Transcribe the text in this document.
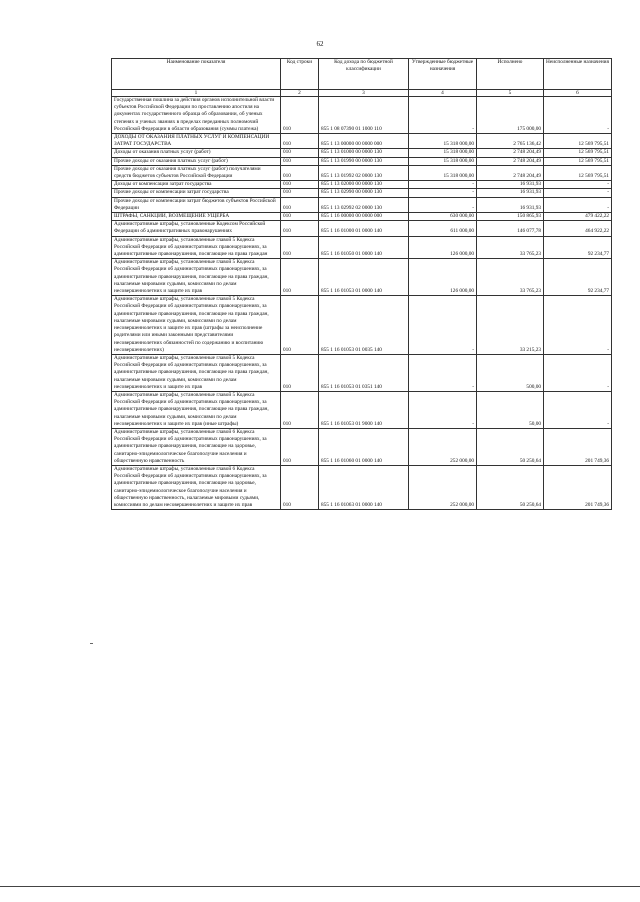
62
Наименование показателя	Код строки	Код дохода по бюджетной классификации	Утвержденные бюджетные назначения	Исполнено	Неисполненные назначения
1	2	3	4	5	6
Государственная пошлина за действия органов исполнительной власти субъектов Российской Федерации по проставлению апостиля на документах государственного образца об образовании, об ученых степенях и ученых званиях в пределах переданных полномочий Российской Федерации в области образования (суммы платежа)	010	855 1 08 07390 01 1000 110	-	175 000,00	-
ДОХОДЫ ОТ ОКАЗАНИЯ ПЛАТНЫХ УСЛУГ И КОМПЕНСАЦИИ ЗАТРАТ ГОСУДАРСТВА	010	855 1 13 00000 00 0000 000	15 318 000,00	2 765 136,42	12 569 795,51
Доходы от оказания платных услуг (работ)	010	855 1 13 01000 00 0000 130	15 318 000,00	2 748 204,49	12 569 795,51
Прочие доходы от оказания платных услуг (работ)	010	855 1 13 01990 00 0000 130	15 318 000,00	2 748 204,49	12 569 795,51
Прочие доходы от оказания платных услуг (работ) получателями средств бюджетов субъектов Российской Федерации	010	855 1 13 01992 02 0000 130	15 318 000,00	2 748 204,49	12 569 795,51
Доходы от компенсации затрат государства	010	855 1 13 02000 00 0000 130	-	16 931,93	-
Прочие доходы от компенсации затрат государства	010	855 1 13 02990 00 0000 130	-	16 931,93	-
Прочие доходы от компенсации затрат бюджетов субъектов Российской Федерации	010	855 1 13 02992 02 0000 130	-	16 931,93	-
ШТРАФЫ, САНКЦИИ, ВОЗМЕЩЕНИЕ УЩЕРБА	010	855 1 16 00000 00 0000 000	630 000,00	150 865,93	479 422,22
Административные штрафы, установленные Кодексом Российской Федерации об административных правонарушениях	010	855 1 16 01000 01 0000 140	611 000,00	146 077,78	464 922,22
Административные штрафы, установленные главой 5 Кодекса Российской Федерации об административных правонарушениях, за административные правонарушения, посягающие на права граждан	010	855 1 16 01050 01 0000 140	126 000,00	33 765,23	92 234,77
Административные штрафы, установленные главой 5 Кодекса Российской Федерации об административных правонарушениях, за административные правонарушения, посягающие на права граждан, налагаемые мировыми судьями, комиссиями по делам несовершеннолетних и защите их прав	010	855 1 16 01053 01 0000 140	126 000,00	33 765,23	92 234,77
Административные штрафы, установленные главой 5 Кодекса Российской Федерации об административных правонарушениях, за административные правонарушения, посягающие на права граждан, налагаемые мировыми судьями, комиссиями по делам несовершеннолетних и защите их прав (штрафы за неисполнение родителями или иными законными представителями несовершеннолетних обязанностей по содержанию и воспитанию несовершеннолетних)	010	855 1 16 01053 01 0035 140	-	33 215,23	-
Административные штрафы, установленные главой 5 Кодекса Российской Федерации об административных правонарушениях, за административные правонарушения, посягающие на права граждан, налагаемые мировыми судьями, комиссиями по делам несовершеннолетних и защите их прав	010	855 1 16 01053 01 0351 140	-	500,00	-
Административные штрафы, установленные главой 5 Кодекса Российской Федерации об административных правонарушениях, за административные правонарушения, посягающие на права граждан, налагаемые мировыми судьями, комиссиями по делам несовершеннолетних и защите их прав (иные штрафы)	010	855 1 16 01053 01 9000 140	-	50,00	-
Административные штрафы, установленные главой 6 Кодекса Российской Федерации об административных правонарушениях, за административные правонарушения, посягающие на здоровье, санитарно-эпидемиологическое благополучие населения и общественную нравственность	010	855 1 16 01060 01 0000 140	252 000,00	50 250,64	201 749,36
Административные штрафы, установленные главой 6 Кодекса Российской Федерации об административных правонарушениях, за административные правонарушения, посягающие на здоровье, санитарно-эпидемиологическое благополучие населения и общественную нравственность, налагаемые мировыми судьями, комиссиями по делам несовершеннолетних и защите их прав	010	855 1 16 01063 01 0000 140	252 000,00	50 250,64	201 749,36
